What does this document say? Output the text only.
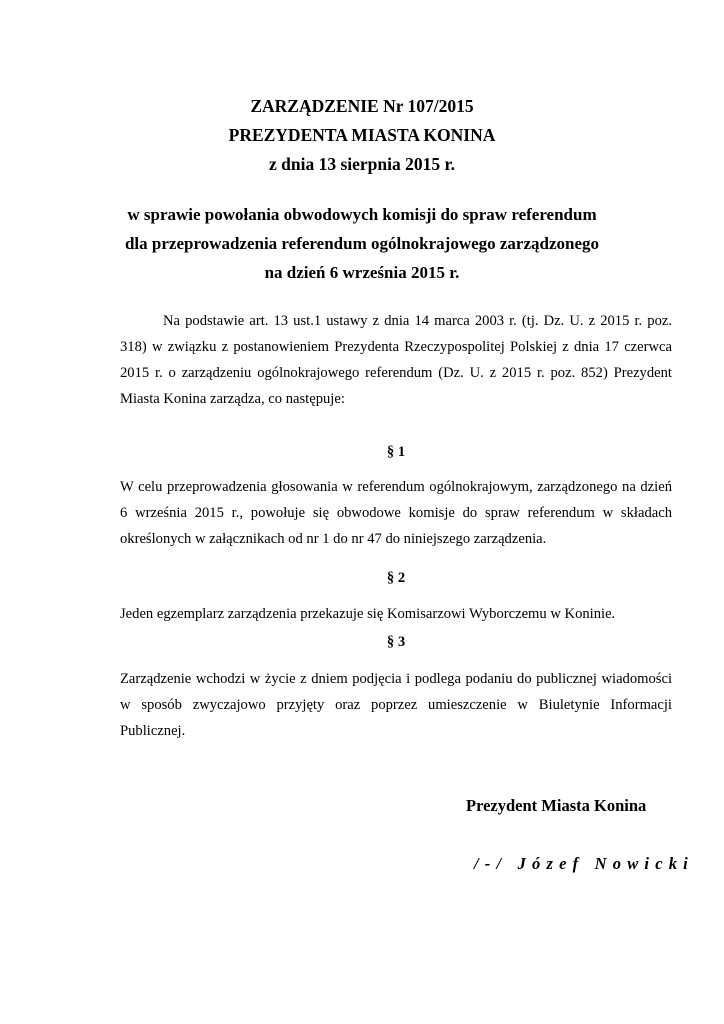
ZARZĄDZENIE Nr 107/2015
PREZYDENTA MIASTA KONINA
z dnia 13 sierpnia 2015 r.
w sprawie powołania obwodowych komisji do spraw referendum
dla przeprowadzenia referendum ogólnokrajowego zarządzonego
na dzień 6 września 2015 r.
Na podstawie art. 13 ust.1 ustawy z dnia 14 marca 2003 r. (tj. Dz. U. z 2015 r. poz. 318) w związku z postanowieniem Prezydenta Rzeczypospolitej Polskiej z dnia 17 czerwca 2015 r. o zarządzeniu ogólnokrajowego referendum (Dz. U. z 2015 r. poz. 852) Prezydent Miasta Konina zarządza, co następuje:
§ 1
W celu przeprowadzenia głosowania w referendum ogólnokrajowym, zarządzonego na dzień 6 września 2015 r., powołuje się obwodowe komisje do spraw referendum w składach określonych w załącznikach od nr 1 do nr 47 do niniejszego zarządzenia.
§ 2
Jeden egzemplarz zarządzenia przekazuje się Komisarzowi Wyborczemu w Koninie.
§ 3
Zarządzenie wchodzi w życie z dniem podjęcia i podlega podaniu do publicznej wiadomości w sposób zwyczajowo przyjęty oraz poprzez umieszczenie w Biuletynie Informacji Publicznej.
Prezydent Miasta Konina
/-/ Józef Nowicki
